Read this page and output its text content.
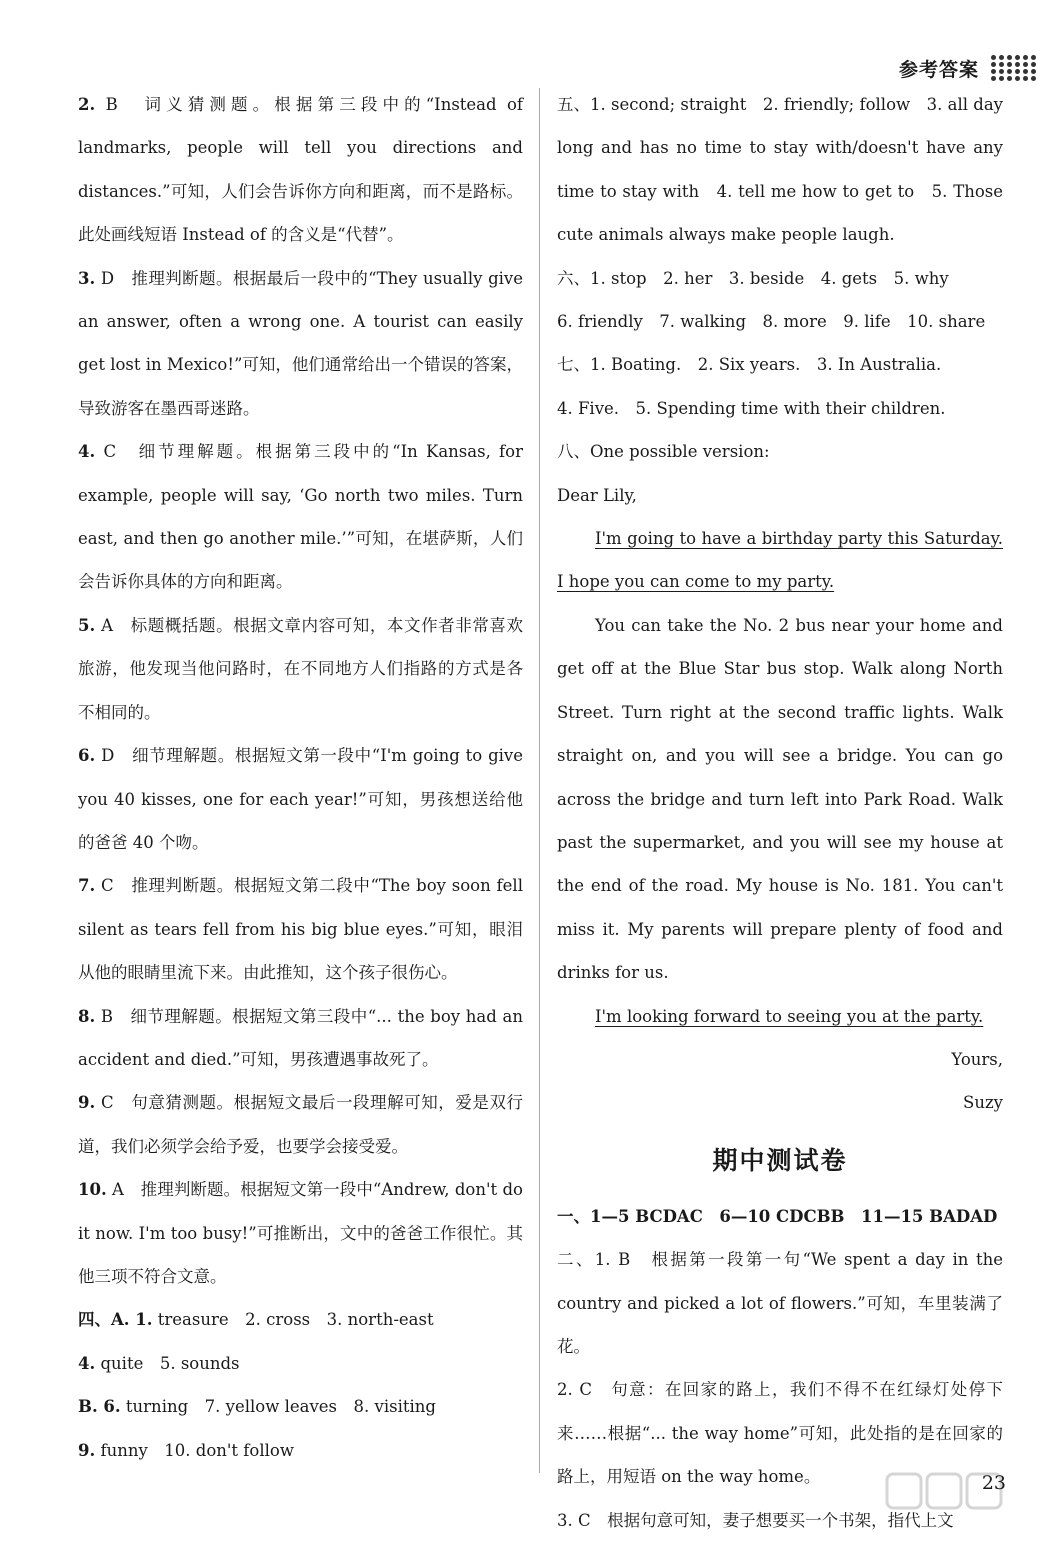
参考答案

2. B　词义猜测题。根据第三段中的“Instead of landmarks, people will tell you directions and distances.”可知，人们会告诉你方向和距离，而不是路标。此处画线短语 Instead of 的含义是“代替”。

3. D　推理判断题。根据最后一段中的“They usually give an answer, often a wrong one. A tourist can easily get lost in Mexico!”可知，他们通常给出一个错误的答案，导致游客在墨西哥迷路。

4. C　细节理解题。根据第三段中的“In Kansas, for example, people will say, ‘Go north two miles. Turn east, and then go another mile.’”可知，在堪萨斯，人们会告诉你具体的方向和距离。

5. A　标题概括题。根据文章内容可知，本文作者非常喜欢旅游，他发现当他问路时，在不同地方人们指路的方式是各不相同的。

6. D　细节理解题。根据短文第一段中“I'm going to give you 40 kisses, one for each year!”可知，男孩想送给他的爸爸 40 个吻。

7. C　推理判断题。根据短文第二段中“The boy soon fell silent as tears fell from his big blue eyes.”可知，眼泪从他的眼睛里流下来。由此推知，这个孩子很伤心。

8. B　细节理解题。根据短文第三段中“... the boy had an accident and died.”可知，男孩遭遇事故死了。

9. C　句意猜测题。根据短文最后一段理解可知，爱是双行道，我们必须学会给予爱，也要学会接受爱。

10. A　推理判断题。根据短文第一段中“Andrew, don't do it now. I'm too busy!”可推断出，文中的爸爸工作很忙。其他三项不符合文意。

四、A. 1. treasure　2. cross　3. north-east

4. quite　5. sounds

B. 6. turning　7. yellow leaves　8. visiting

9. funny　10. don't follow

五、1. second; straight　2. friendly; follow　3. all day long and has no time to stay with/doesn't have any time to stay with　4. tell me how to get to　5. Those cute animals always make people laugh.

六、1. stop　2. her　3. beside　4. gets　5. why

6. friendly　7. walking　8. more　9. life　10. share

七、1. Boating.　2. Six years.　3. In Australia.

4. Five.　5. Spending time with their children.

八、One possible version:

Dear Lily,

I'm going to have a birthday party this Saturday. I hope you can come to my party.

You can take the No. 2 bus near your home and get off at the Blue Star bus stop. Walk along North Street. Turn right at the second traffic lights. Walk straight on, and you will see a bridge. You can go across the bridge and turn left into Park Road. Walk past the supermarket, and you will see my house at the end of the road. My house is No. 181. You can't miss it. My parents will prepare plenty of food and drinks for us.

I'm looking forward to seeing you at the party.

Yours,

Suzy

期中测试卷

一、1—5 BCDAC　6—10 CDCBB　11—15 BADAD

二、1. B　根据第一段第一句“We spent a day in the country and picked a lot of flowers.”可知，车里装满了花。

2. C　句意：在回家的路上，我们不得不在红绿灯处停下来……根据“... the way home”可知，此处指的是在回家的路上，用短语 on the way home。

3. C　根据句意可知，妻子想要买一个书架，指代上文

23
